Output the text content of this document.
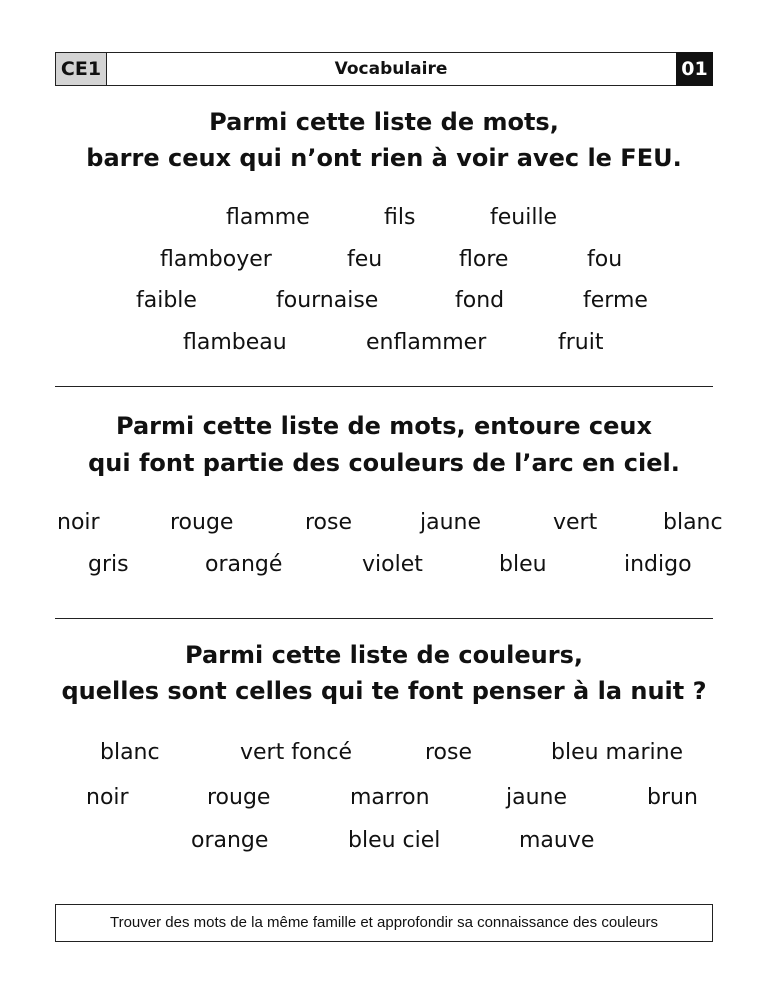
CE1	Vocabulaire	01
Parmi cette liste de mots,
barre ceux qui n’ont rien à voir avec le FEU.
flamme	fils	feuille
flamboyer	feu	flore	fou
faible	fournaise	fond	ferme
flambeau	enflammer	fruit
Parmi cette liste de mots, entoure ceux
qui font partie des couleurs de l’arc en ciel.
noir	rouge	rose	jaune	vert	blanc
gris	orangé	violet	bleu	indigo
Parmi cette liste de couleurs,
quelles sont celles qui te font penser à la nuit ?
blanc	vert foncé	rose	bleu marine
noir	rouge	marron	jaune	brun
orange	bleu ciel	mauve
Trouver des mots de la même famille et approfondir sa connaissance des couleurs
